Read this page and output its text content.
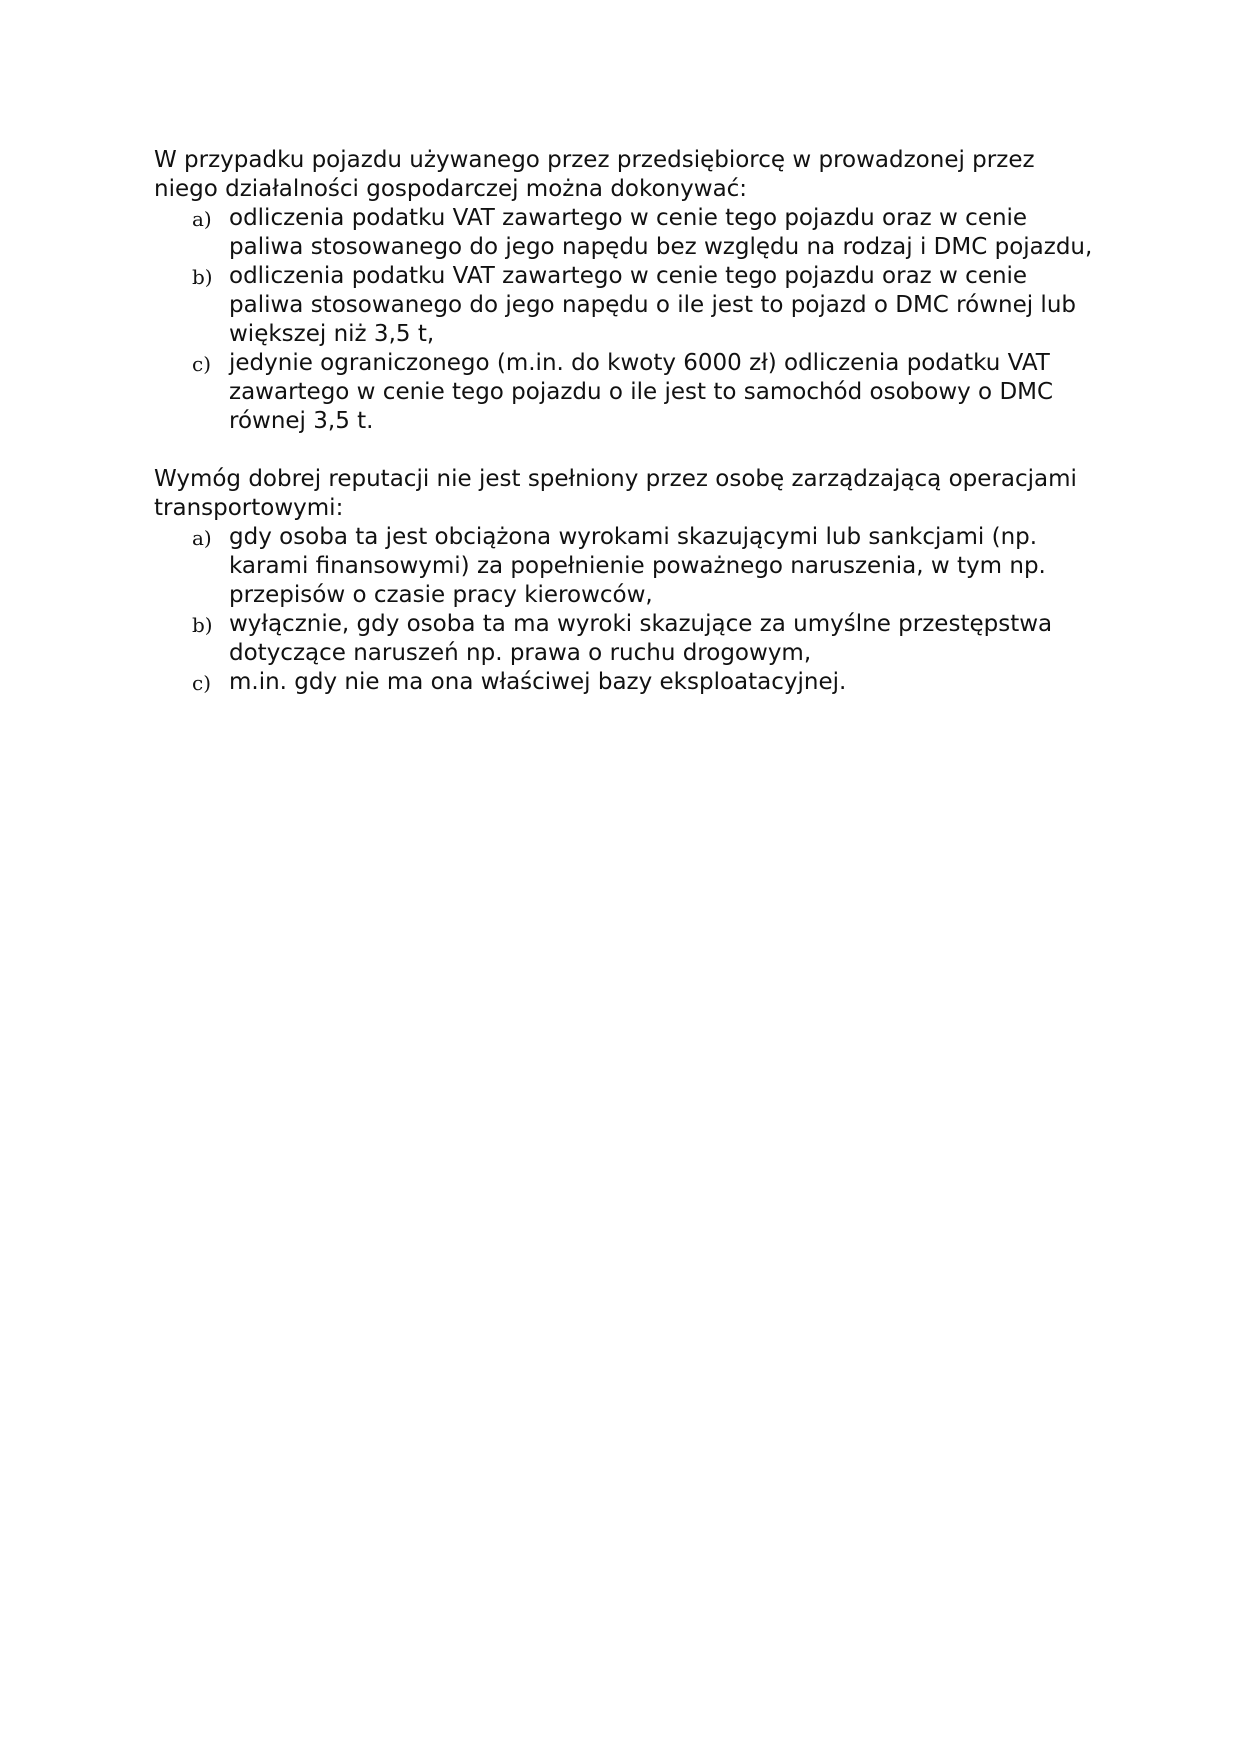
W przypadku pojazdu używanego przez przedsiębiorcę w prowadzonej przez niego działalności gospodarczej można dokonywać:

a) odliczenia podatku VAT zawartego w cenie tego pojazdu oraz w cenie paliwa stosowanego do jego napędu bez względu na rodzaj i DMC pojazdu,
b) odliczenia podatku VAT zawartego w cenie tego pojazdu oraz w cenie paliwa stosowanego do jego napędu o ile jest to pojazd o DMC równej lub większej niż 3,5 t,
c) jedynie ograniczonego (m.in. do kwoty 6000 zł) odliczenia podatku VAT zawartego w cenie tego pojazdu o ile jest to samochód osobowy o DMC równej 3,5 t.

Wymóg dobrej reputacji nie jest spełniony przez osobę zarządzającą operacjami transportowymi:

a) gdy osoba ta jest obciążona wyrokami skazującymi lub sankcjami (np. karami finansowymi) za popełnienie poważnego naruszenia, w tym np. przepisów o czasie pracy kierowców,
b) wyłącznie, gdy osoba ta ma wyroki skazujące za umyślne przestępstwa dotyczące naruszeń np. prawa o ruchu drogowym,
c) m.in. gdy nie ma ona właściwej bazy eksploatacyjnej.
